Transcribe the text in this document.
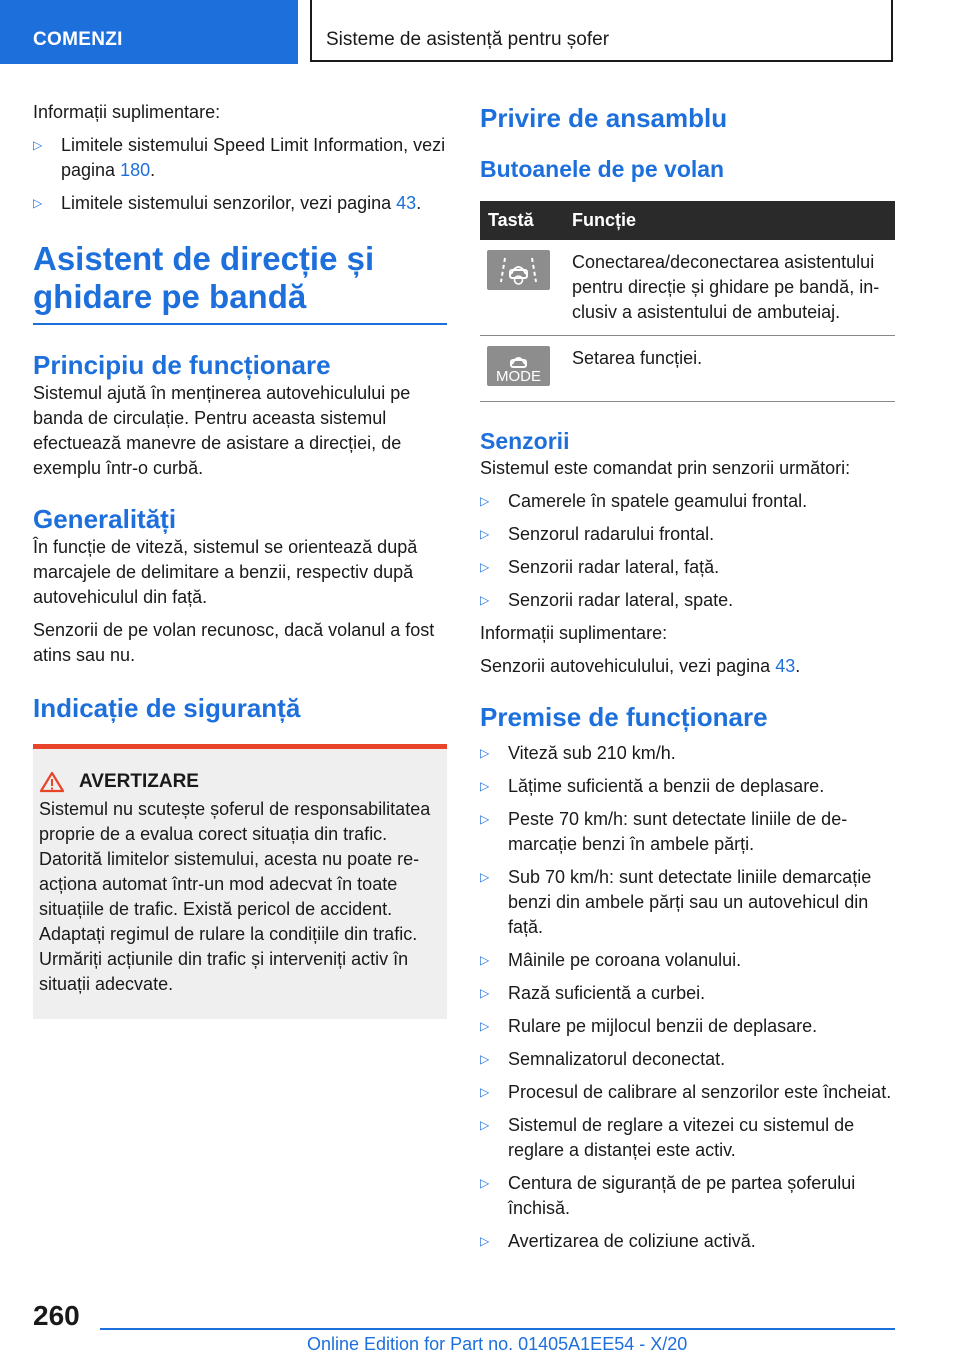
COMENZI	Sisteme de asistență pentru șofer

Informații suplimentare:

▷	Limitele sistemului Speed Limit Information, vezi pagina 180.
▷	Limitele sistemului senzorilor, vezi pagina 43.
Asistent de direcție și ghidare pe bandă
Principiu de funcționare

Sistemul ajută în menținerea autovehiculului pe banda de circulație. Pentru aceasta sistemul efectuează manevre de asistare a direcției, de exemplu într-o curbă.

Generalități

În funcție de viteză, sistemul se orientează după marcajele de delimitare a benzii, respectiv după autovehiculul din față.

Senzorii de pe volan recunosc, dacă volanul a fost atins sau nu.

Indicație de siguranță
AVERTIZARE

Sistemul nu scutește șoferul de responsabilitatea proprie de a evalua corect situația din trafic. Datorită limitelor sistemului, acesta nu poate reacționa automat într-un mod adecvat în toate situațiile de trafic. Există pericol de accident. Adaptați regimul de rulare la condițiile din trafic. Urmăriți acțiunile din trafic și interveniți activ în situații adecvate.

Privire de ansamblu
Butoanele de pe volan
Tastă	Funcție

	Conectarea/deconectarea asistentului pentru direcție și ghidare pe bandă, inclusiv a asistentului de ambuteiaj.

MODE	Setarea funcției.
Senzorii

Sistemul este comandat prin senzorii următori:

▷	Camerele în spatele geamului frontal.
▷	Senzorul radarului frontal.
▷	Senzorii radar lateral, față.
▷	Senzorii radar lateral, spate.

Informații suplimentare:

Senzorii autovehiculului, vezi pagina 43.

Premise de funcționare
▷	Viteză sub 210 km/h.
▷	Lățime suficientă a benzii de deplasare.
▷	Peste 70 km/h: sunt detectate liniile de demarcație benzi în ambele părți.
▷	Sub 70 km/h: sunt detectate liniile demarcație benzi din ambele părți sau un autovehicul din față.
▷	Mâinile pe coroana volanului.
▷	Rază suficientă a curbei.
▷	Rulare pe mijlocul benzii de deplasare.
▷	Semnalizatorul deconectat.
▷	Procesul de calibrare al senzorilor este încheiat.
▷	Sistemul de reglare a vitezei cu sistemul de reglare a distanței este activ.
▷	Centura de siguranță de pe partea șoferului închisă.
▷	Avertizarea de coliziune activă.
260
Online Edition for Part no. 01405A1EE54 - X/20
